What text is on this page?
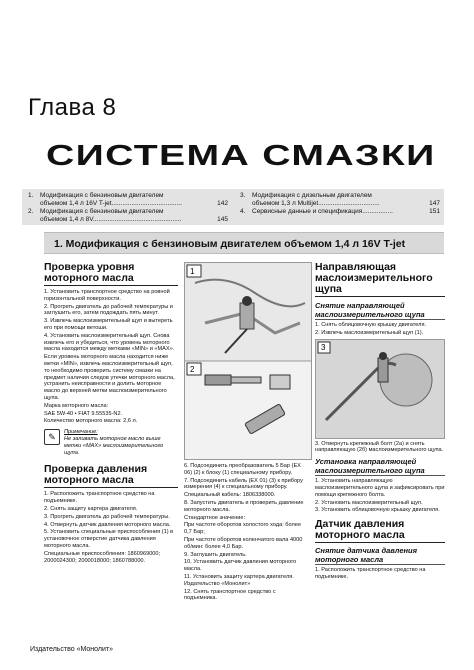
Глава 8
СИСТЕМА СМАЗКИ
1.	Модификация с бензиновым двигателем
объемом 1,4 л 16V T-jet.......................................	142
2.	Модификация с бензиновым двигателем
объемом 1,4 л 8V.................................................	145
3.	Модификация с дизельным двигателем
объемом 1,3 л Multijet..................................	147
4.	Сервисные данные и спецификация.................	151
1. Модификация с бензиновым двигателем объемом 1,4 л 16V T-jet
Проверка уровня моторного масла

1. Установить транспортное средство на ровной горизонтальной поверхности.

2. Прогреть двигатель до рабочей температуры и заглушить его, затем подождать пять минут.

3. Извлечь маслоизмерительный щуп и вытереть его при помощи ветоши.

4. Установить маслоизмерительный щуп. Снова извлечь его и убедиться, что уровень моторного масла находится между метками «MIN» и «MAX».

Если уровень моторного масла находится ниже метки «MIN», извлечь маслоизмерительный щуп, то необходимо проверить систему смазки на предмет наличия следов утечки моторного масла, устранить неисправности и долить моторное масло до верхней метки маслоизмерительного щупа.

Марка моторного масла:

SAE 5W-40 • FIAT 9.55535-N2.

Количество моторного масла: 2,6 л.

✎	Примечание:
Не заливать моторное масло выше метки «MAX» маслоизмерительного щупа.
Проверка давления моторного масла

1. Расположить транспортное средство на подъемнике.

2. Снять защиту картера двигателя.

3. Прогреть двигатель до рабочей температуры.

4. Отвернуть датчик давления моторного масла.

5. Установить специальные приспособления (1) в установочное отверстие датчика давления моторного масла.

Специальные приспособления: 1860969000; 2000024300; 2000018000; 1860788000.

1
2

6. Подсоединить преобразователь 5 Бар (ЕХ 06) (2) к блоку (1) специальному прибору.

7. Подсоединить кабель (ЕХ 01) (3) к прибору измерения (4) к специальному прибору.

Специальный кабель: 1806338000.

8. Запустить двигатель и проверить давление моторного масла.

Стандартное значение:

При частоте оборотов холостого хода: более 0,7 Бар;

При частоте оборотов коленчатого вала 4000 об/мин: более 4,0 Бар.

9. Заглушить двигатель.

10. Установить датчик давления моторного масла.

11. Установить защиту картера двигателя. Издательство «Монолит»

12. Снять транспортное средство с подъемника.

Направляющая маслоизмерительного щупа
Снятие направляющей маслоизмерительного щупа

1. Снять облицовочную крышку двигателя.

2. Извлечь маслоизмерительный щуп (1).

3

3. Отвернуть крепежный болт (2а) и снять направляющую (2б) маслоизмерительного щупа.

Установка направляющей маслоизмерительного щупа

1. Установить направляющую маслоизмерительного щупа и зафиксировать при помощи крепежного болта.

2. Установить маслоизмерительный щуп.

3. Установить облицовочную крышку двигателя.

Датчик давления моторного масла
Снятие датчика давления моторного масла

1. Расположить транспортное средство на подъемнике.

Издательство «Монолит»
